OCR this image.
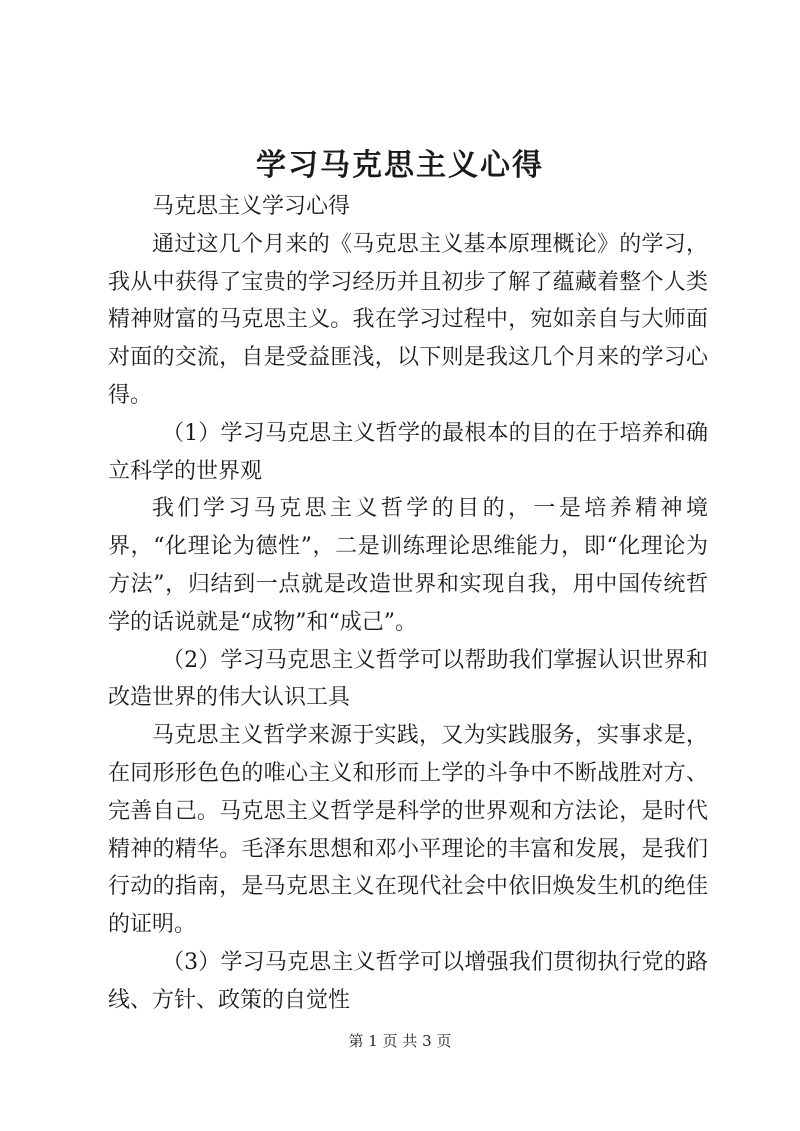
学习马克思主义心得

马克思主义学习心得

通过这几个月来的《马克思主义基本原理概论》的学习，我从中获得了宝贵的学习经历并且初步了解了蕴藏着整个人类精神财富的马克思主义。我在学习过程中，宛如亲自与大师面对面的交流，自是受益匪浅，以下则是我这几个月来的学习心得。

（1）学习马克思主义哲学的最根本的目的在于培养和确立科学的世界观

我们学习马克思主义哲学的目的，一是培养精神境界，“化理论为德性”，二是训练理论思维能力，即“化理论为方法”，归结到一点就是改造世界和实现自我，用中国传统哲学的话说就是“成物”和“成己”。

（2）学习马克思主义哲学可以帮助我们掌握认识世界和改造世界的伟大认识工具

马克思主义哲学来源于实践，又为实践服务，实事求是，在同形形色色的唯心主义和形而上学的斗争中不断战胜对方、完善自己。马克思主义哲学是科学的世界观和方法论，是时代精神的精华。毛泽东思想和邓小平理论的丰富和发展，是我们行动的指南，是马克思主义在现代社会中依旧焕发生机的绝佳的证明。

（3）学习马克思主义哲学可以增强我们贯彻执行党的路线、方针、政策的自觉性

第 1 页 共 3 页
